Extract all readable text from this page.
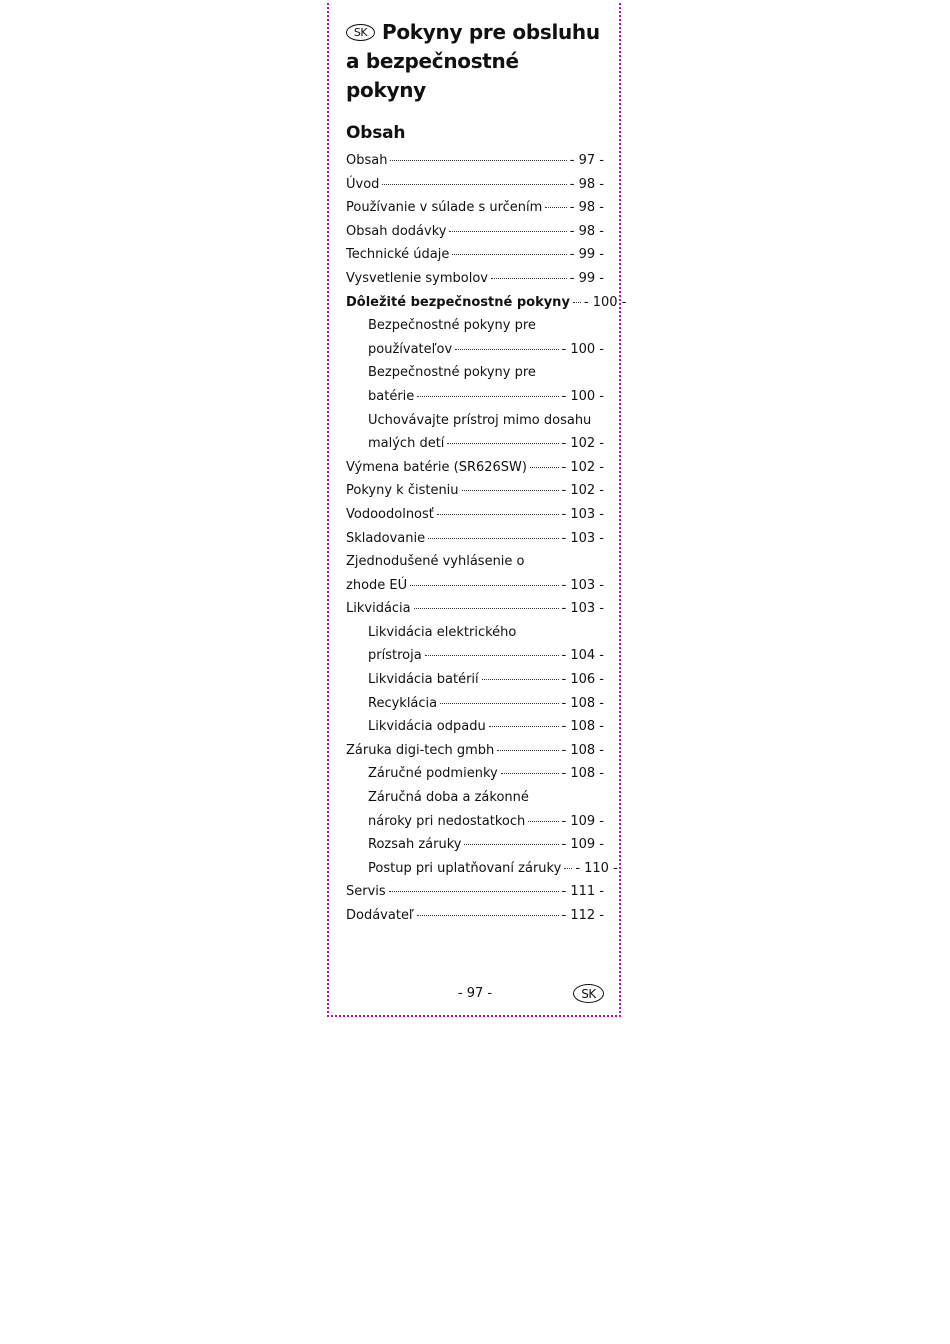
SK Pokyny pre obsluhu
a bezpečnostné pokyny
Obsah
Obsah	- 97 -
Úvod	- 98 -
Používanie v súlade s určením - 98 -
Obsah dodávky	- 98 -
Technické údaje	- 99 -
Vysvetlenie symbolov	- 99 -
Dôležité bezpečnostné pokyny - 100 -
Bezpečnostné pokyny pre
používateľov	- 100 -
Bezpečnostné pokyny pre
batérie	- 100 -
Uchovávajte prístroj mimo dosahu
malých detí	- 102 -
Výmena batérie (SR626SW)	- 102 -
Pokyny k čisteniu	- 102 -
Vodoodolnosť	- 103 -
Skladovanie	- 103 -
Zjednodušené vyhlásenie o
zhode EÚ	- 103 -
Likvidácia	- 103 -
Likvidácia elektrického
prístroja	- 104 -
Likvidácia batérií	- 106 -
Recyklácia	- 108 -
Likvidácia odpadu	- 108 -
Záruka digi-tech gmbh	- 108 -
Záručné podmienky	- 108 -
Záručná doba a zákonné
nároky pri nedostatkoch	- 109 -
Rozsah záruky	- 109 -
Postup pri uplatňovaní záruky - 110 -
Servis	- 111 -
Dodávateľ	- 112 -
- 97 -	SK
